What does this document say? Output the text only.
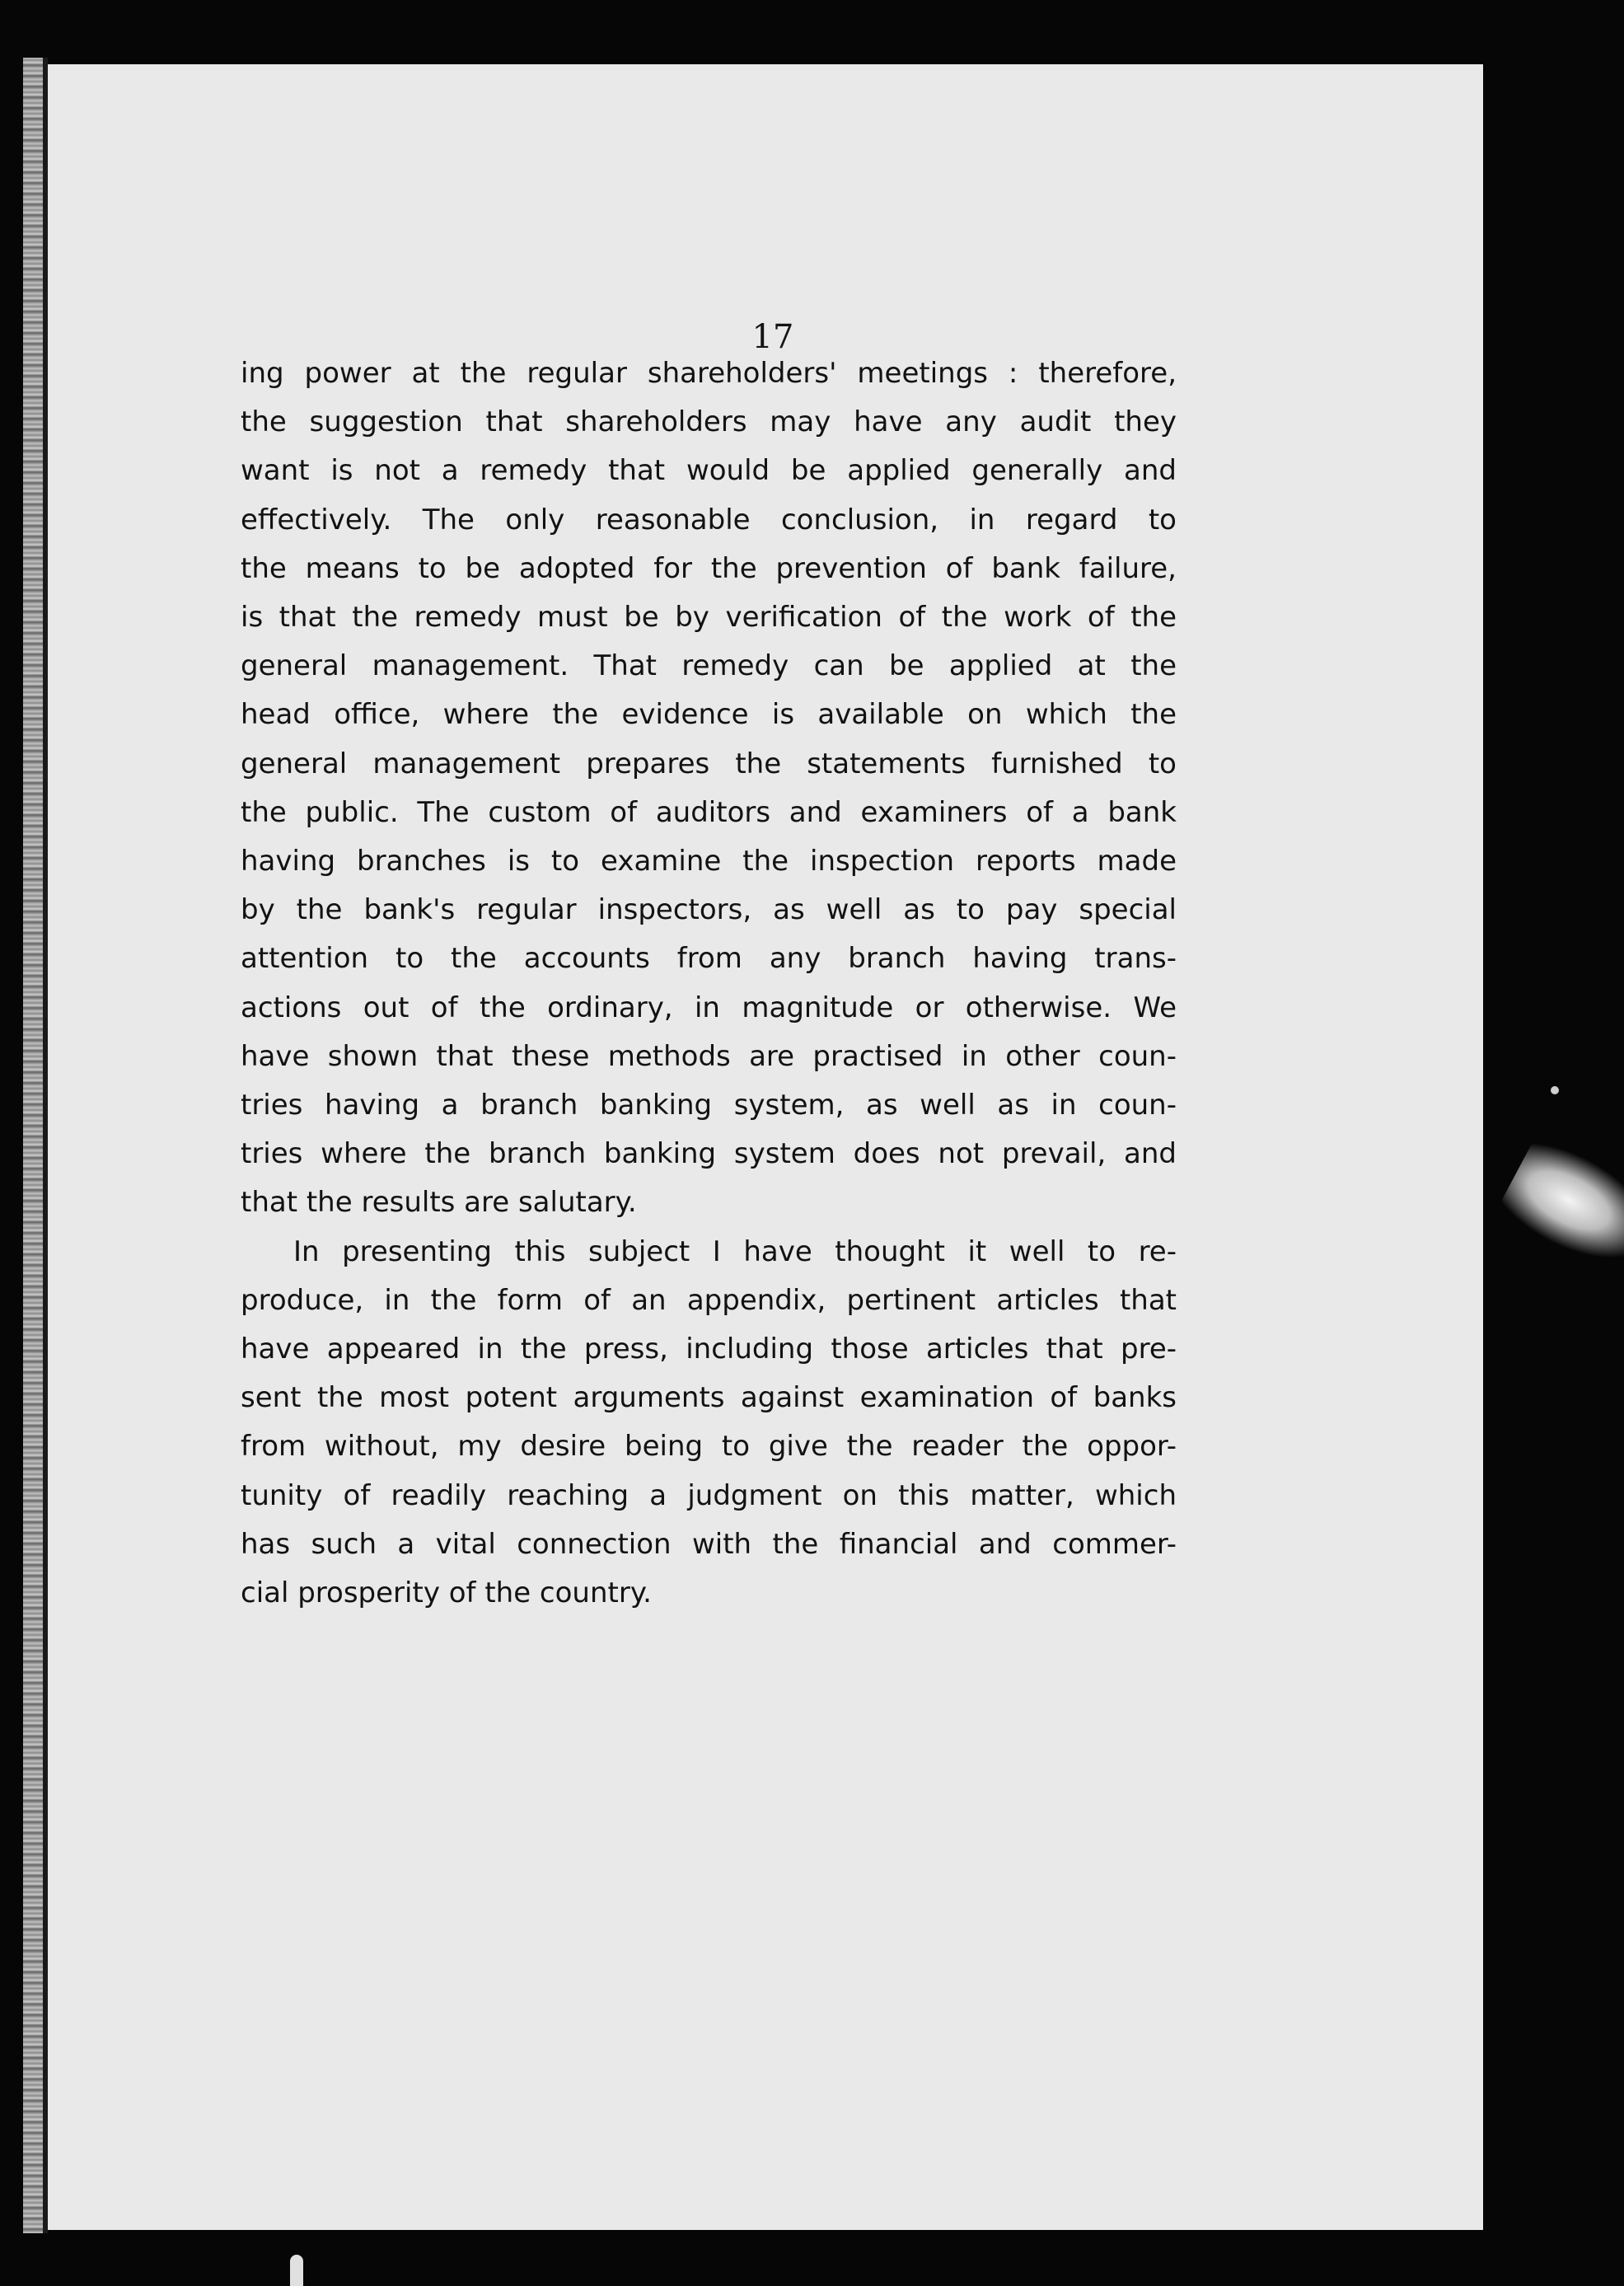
17

ing power at the regular shareholders' meetings : therefore,
the suggestion that shareholders may have any audit they
want is not a remedy that would be applied generally and
effectively. The only reasonable conclusion, in regard to
the means to be adopted for the prevention of bank failure,
is that the remedy must be by verification of the work of the
general management. That remedy can be applied at the
head office, where the evidence is available on which the
general management prepares the statements furnished to
the public. The custom of auditors and examiners of a bank
having branches is to examine the inspection reports made
by the bank's regular inspectors, as well as to pay special
attention to the accounts from any branch having trans-
actions out of the ordinary, in magnitude or otherwise. We
have shown that these methods are practised in other coun-
tries having a branch banking system, as well as in coun-
tries where the branch banking system does not prevail, and
that the results are salutary.

In presenting this subject I have thought it well to re-
produce, in the form of an appendix, pertinent articles that
have appeared in the press, including those articles that pre-
sent the most potent arguments against examination of banks
from without, my desire being to give the reader the oppor-
tunity of readily reaching a judgment on this matter, which
has such a vital connection with the financial and commer-
cial prosperity of the country.
